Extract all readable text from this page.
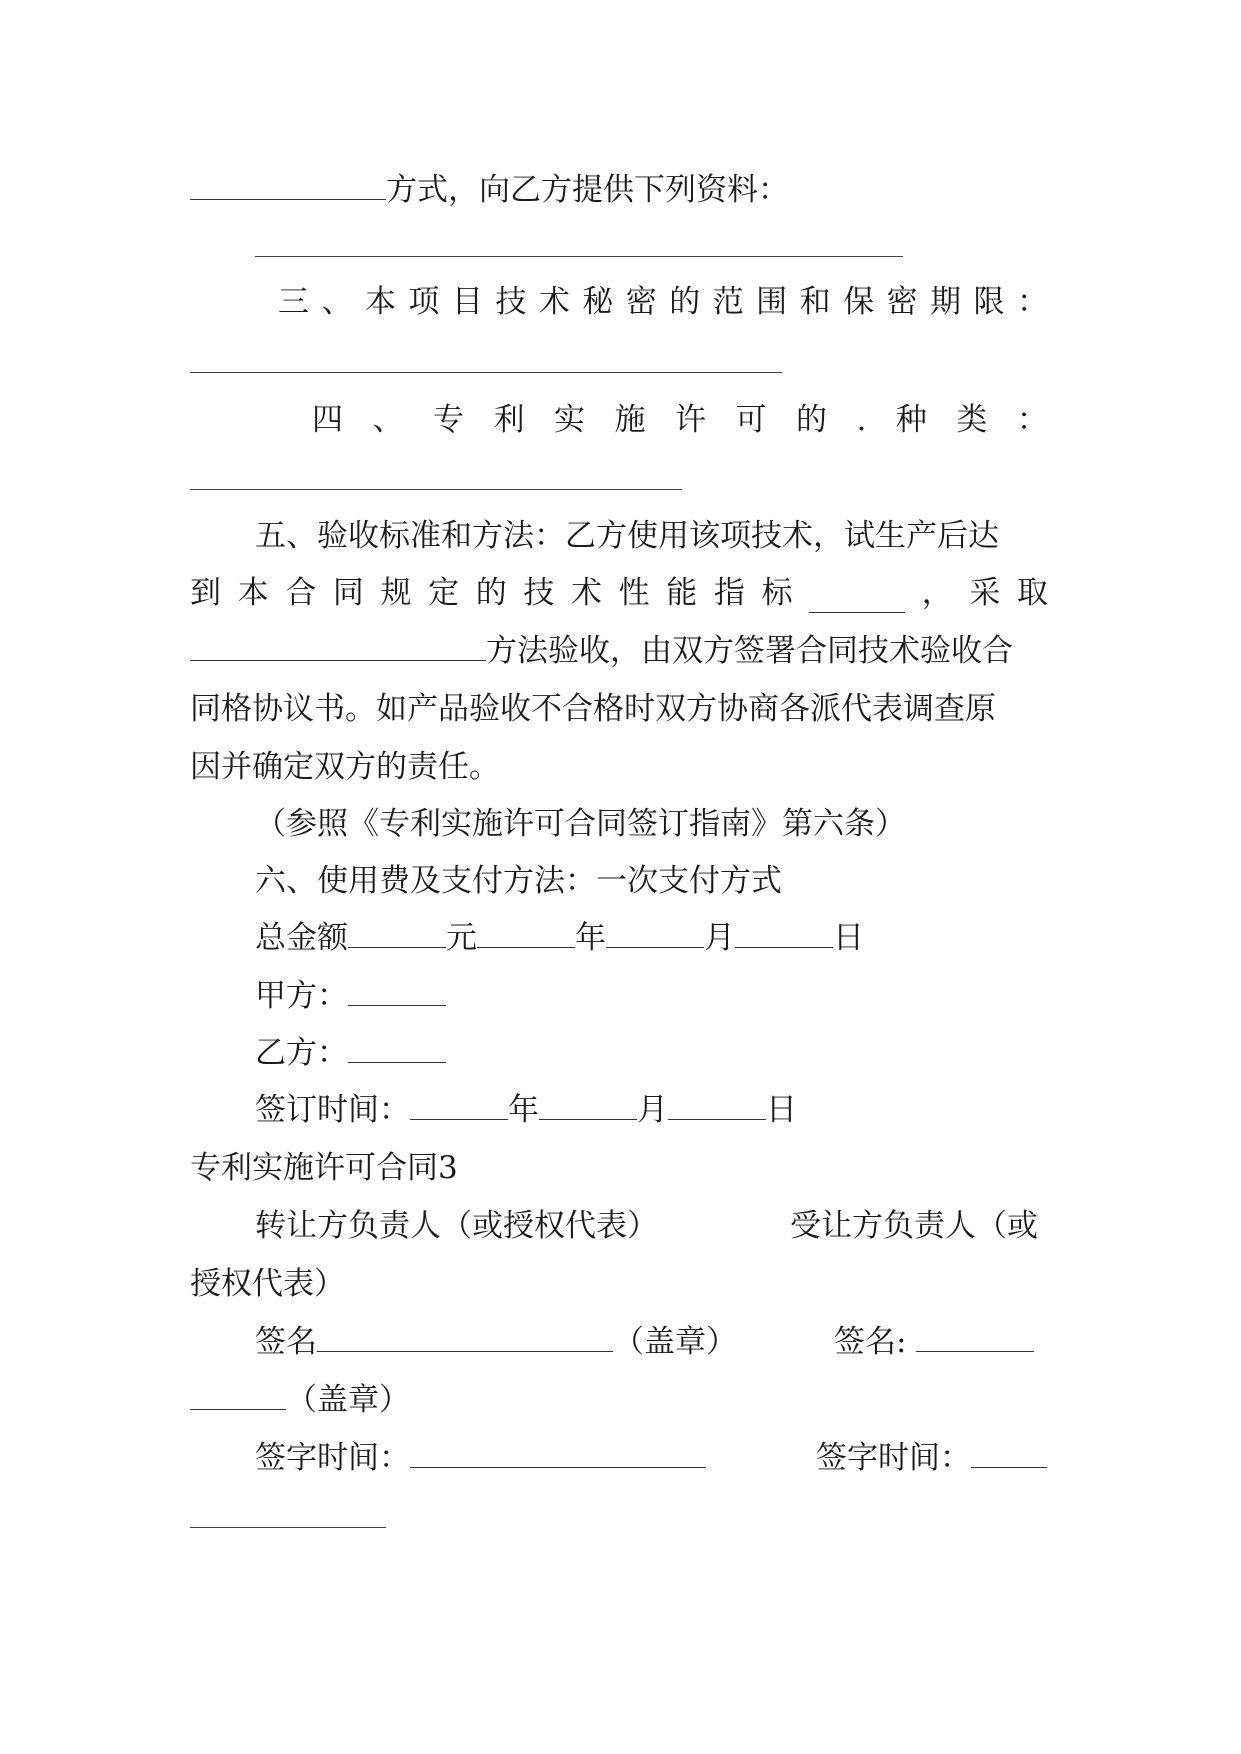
方式，向乙方提供下列资料：
三 、 本 项 目 技 术 秘 密 的 范 围 和 保 密 期 限 ：
四 、 专 利 实 施 许 可 的 . 种 类 ：
五、验收标准和方法：乙方使用该项技术，试生产后达
到 本 合 同 规 定 的 技 术 性 能 指 标	， 采 取
方法验收，由双方签署合同技术验收合
同格协议书。如产品验收不合格时双方协商各派代表调查原
因并确定双方的责任。
（参照《专利实施许可合同签订指南》第六条）
六、使用费及支付方法：一次支付方式
总金额	元	年	月	日
甲方：
乙方：
签订时间：	年	月	日
专利实施许可合同3
转让方负责人（或授权代表）	受让方负责人（或
授权代表）
签名	（盖章）	签名:
（盖章）
签字时间：	签字时间：
